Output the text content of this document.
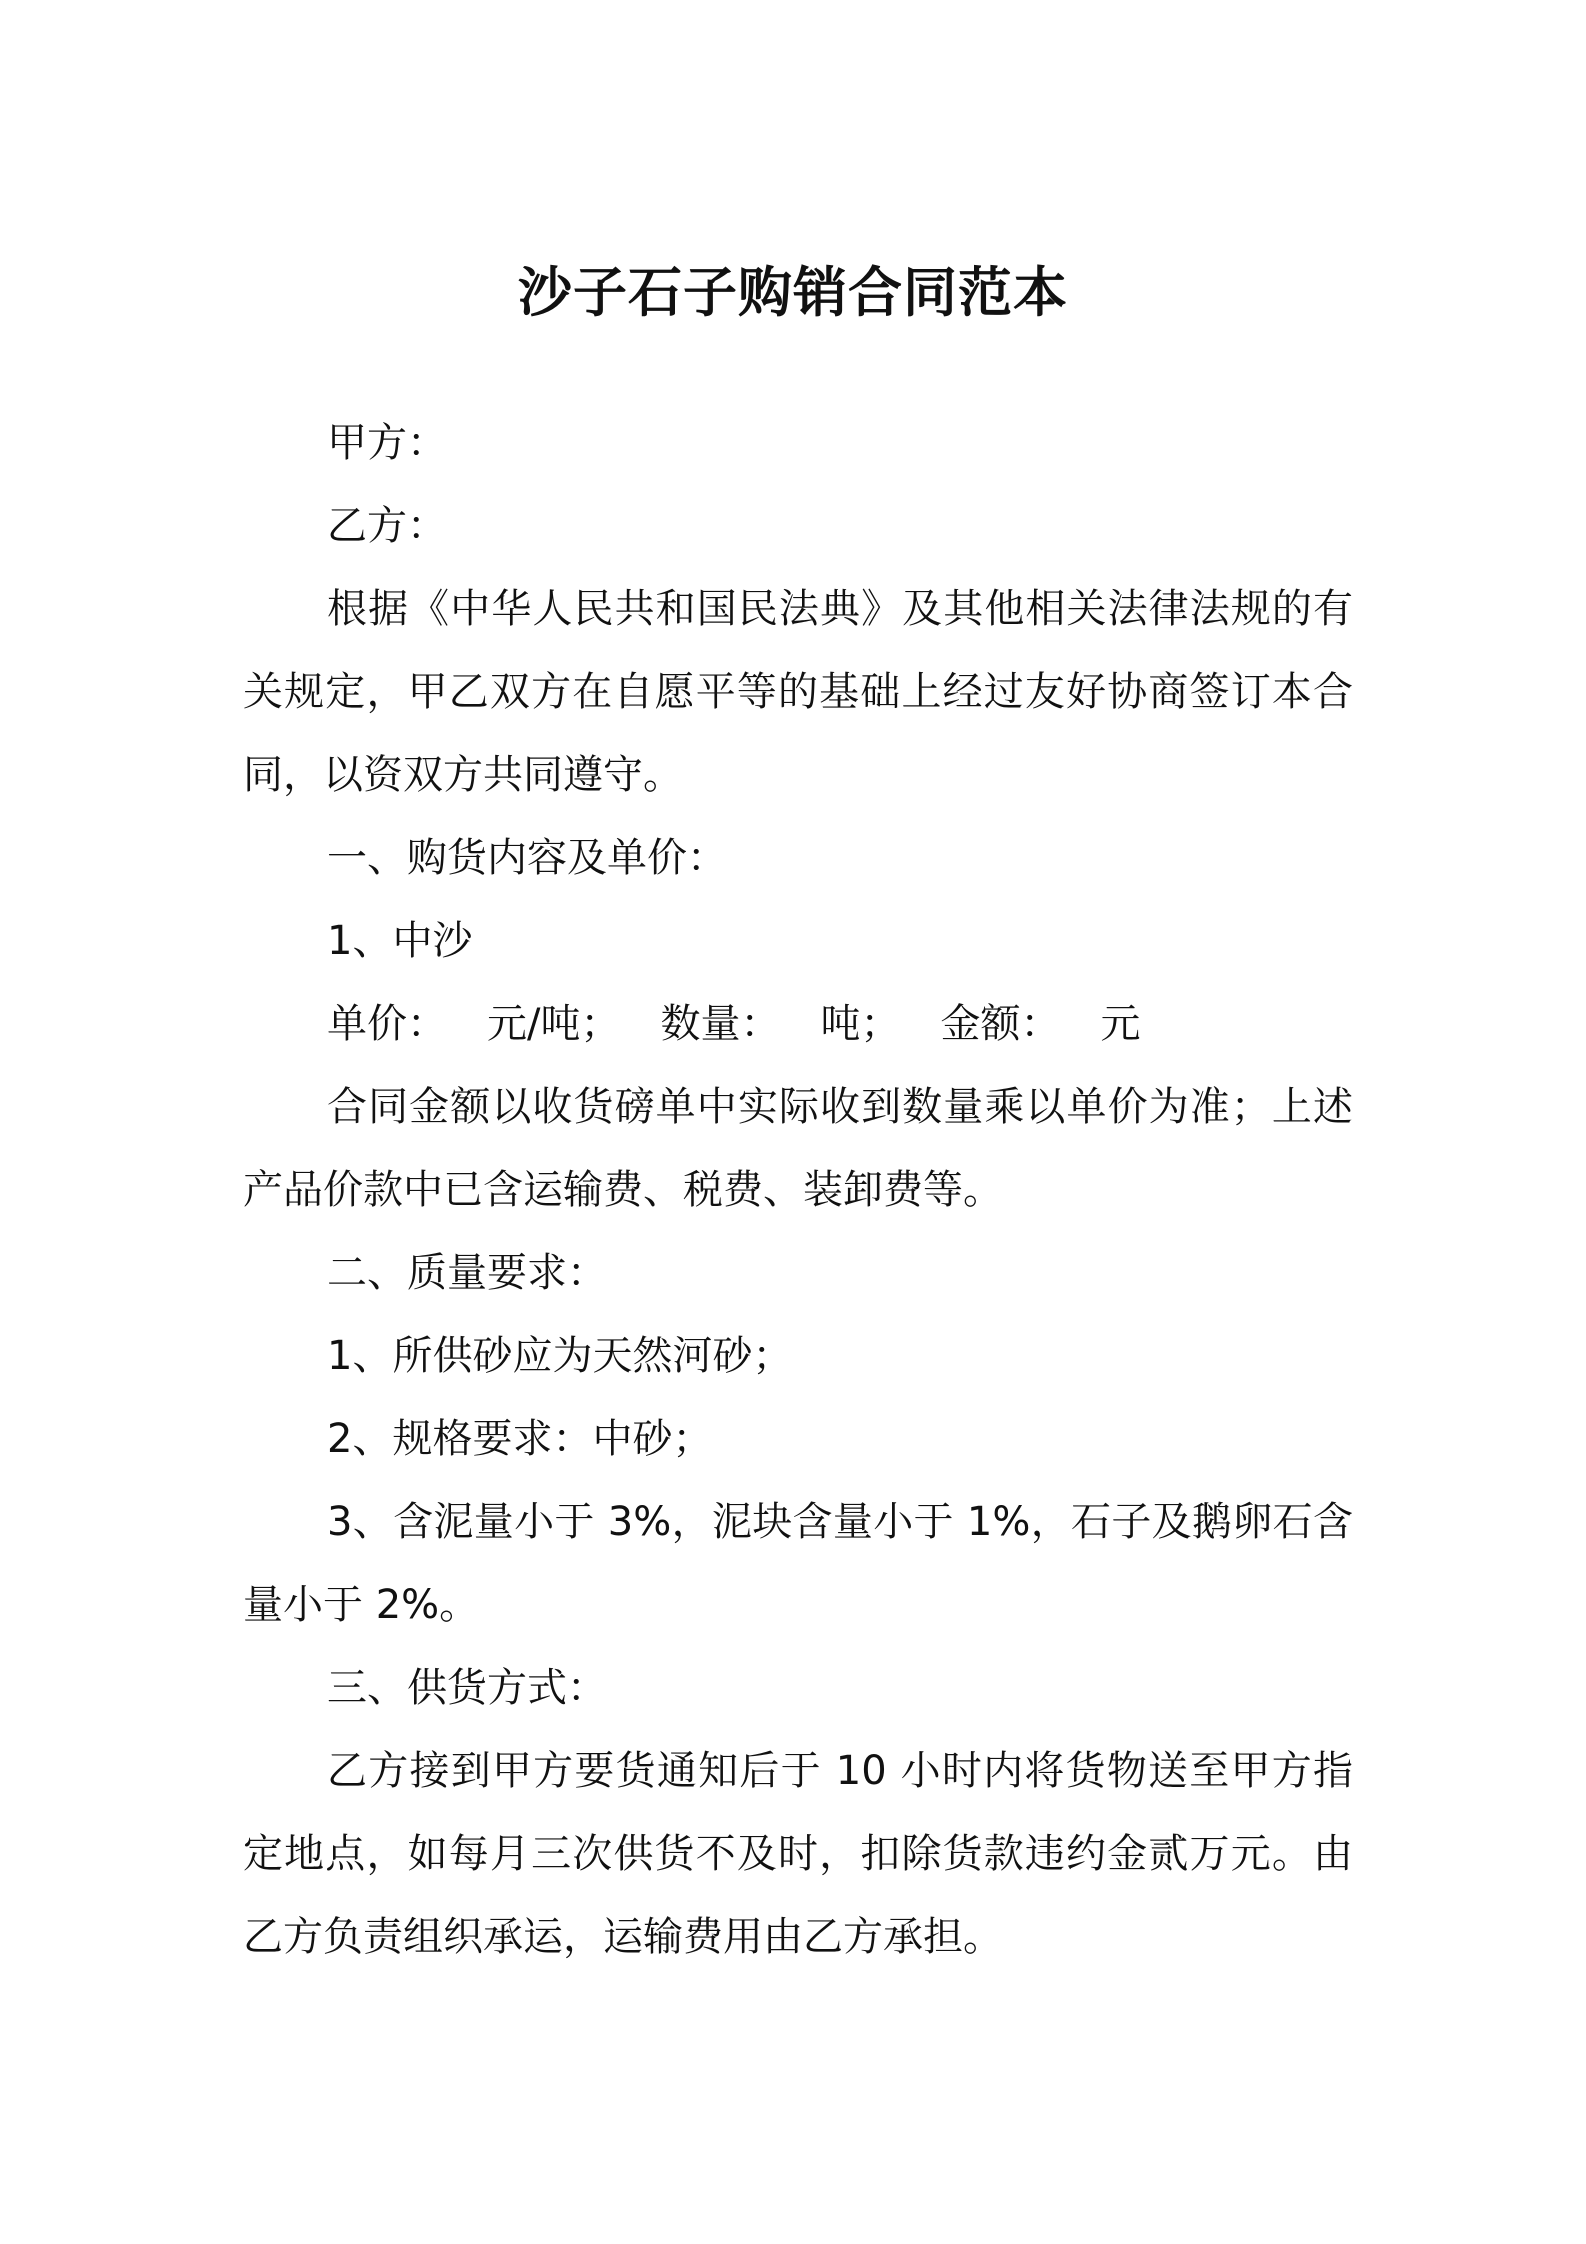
沙子石子购销合同范本

甲方：

乙方：

根据《中华人民共和国民法典》及其他相关法律法规的有关规定，甲乙双方在自愿平等的基础上经过友好协商签订本合同，以资双方共同遵守。

一、购货内容及单价：

1、中沙

单价： 元/吨； 数量： 吨； 金额： 元

合同金额以收货磅单中实际收到数量乘以单价为准；上述产品价款中已含运输费、税费、装卸费等。

二、质量要求：

1、所供砂应为天然河砂；

2、规格要求：中砂；

3、含泥量小于 3%，泥块含量小于 1%，石子及鹅卵石含量小于 2%。

三、供货方式：

乙方接到甲方要货通知后于 10 小时内将货物送至甲方指定地点，如每月三次供货不及时，扣除货款违约金贰万元。由乙方负责组织承运，运输费用由乙方承担。
